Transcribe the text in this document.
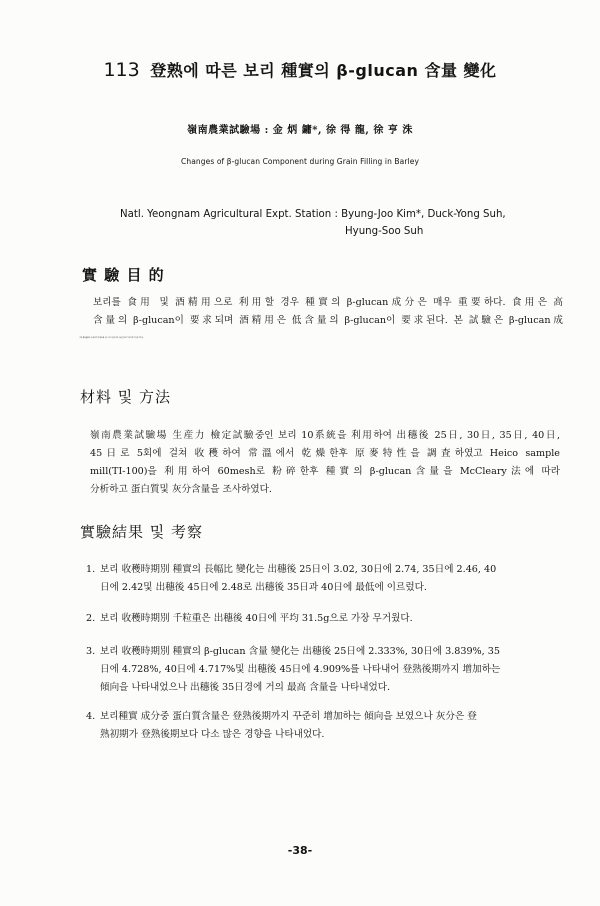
113 登熟에 따른 보리 種實의 β-glucan 含量 變化
嶺南農業試驗場 : 金 炳 鏞*, 徐 得 龍, 徐 亨 洙
Changes of β-glucan Component during Grain Filling in Barley
Natl. Yeongnam Agricultural Expt. Station : Byung-Joo Kim*, Duck-Yong Suh,
Hyung-Soo Suh
實 驗 目 的
보리를 食用 및 酒精用으로 利用할 경우 種實의 β-glucan成分은 매우 重要하다. 食用은 高
含量의 β-glucan이 要求되며 酒精用은 低含量의 β-glucan이 要求된다. 본 試驗은 β-glucan成
分의 蓄積過程을 原麥의 特性變化와 相互 비교 판찰하여 品種育成의 기초자료로 활용코자함.
材料 및 方法
嶺南農業試驗場 生産力 檢定試驗중인 보리 10系統을 利用하여 出穗後 25日, 30日, 35日, 40日,
45日로 5회에 걸쳐 收穫하여 常溫에서 乾燥한후 原麥特性을 調査하였고 Heico sample
mill(TI-100)을 利用하여 60mesh로 粉碎한후 種實의 β-glucan含量을 McCleary法에 따라
分析하고 蛋白質및 灰分含量을 조사하였다.
實驗結果 및 考察
1. 보리 收穫時期別 種實의 長幅比 變化는 出穗後 25日이 3.02, 30日에 2.74, 35日에 2.46, 40
日에 2.42및 出穗後 45日에 2.48로 出穗後 35日과 40日에 最低에 이르렀다.
2. 보리 收穫時期別 千粒重은 出穗後 40日에 平均 31.5g으로 가장 무거웠다.
3. 보리 收穫時期別 種實의 β-glucan 含量 變化는 出穗後 25日에 2.333%, 30日에 3.839%, 35
日에 4.728%, 40日에 4.717%및 出穗後 45日에 4.909%를 나타내어 登熟後期까지 增加하는
傾向을 나타내었으나 出穗後 35日경에 거의 最高 含量을 나타내었다.
4. 보리種實 成分중 蛋白質含量은 登熟後期까지 꾸준히 增加하는 傾向을 보였으나 灰分은 登
熟初期가 登熟後期보다 다소 많은 경향을 나타내었다.
-38-
